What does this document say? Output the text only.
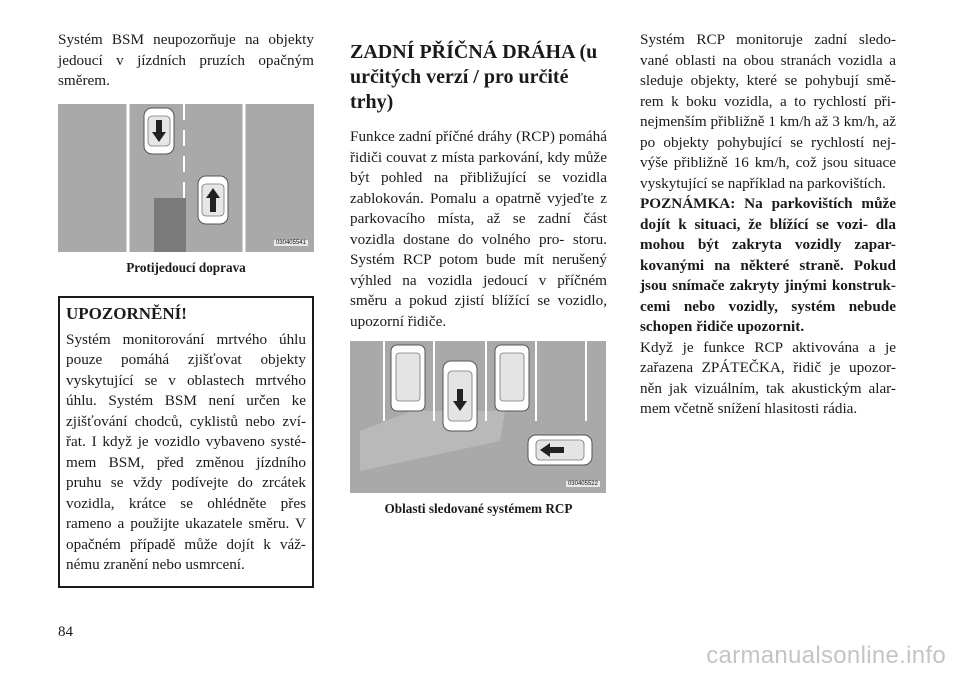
Systém BSM neupozorňuje na objekty jedoucí v jízdních pruzích opačným směrem.

030405541
Protijedoucí doprava
UPOZORNĚNÍ!

Systém monitorování mrtvého úhlu pouze pomáhá zjišťovat objekty vyskytující se v oblastech mrtvého úhlu. Systém BSM není určen ke zjišťování chodců, cyklistů nebo zví- řat. I když je vozidlo vybaveno systé- mem BSM, před změnou jízdního pruhu se vždy podívejte do zrcátek vozidla, krátce se ohlédněte přes rameno a použijte ukazatele směru. V opačném případě může dojít k váž- nému zranění nebo usmrcení.

ZADNÍ PŘÍČNÁ DRÁHA (u určitých verzí / pro určité trhy)

Funkce zadní příčné dráhy (RCP) pomáhá řidiči couvat z místa parkování, kdy může být pohled na přibližující se vozidla zablokován. Pomalu a opatrně vyjeďte z parkovacího místa, až se zadní část vozidla dostane do volného pro- storu. Systém RCP potom bude mít nerušený výhled na vozidla jedoucí v příčném směru a pokud zjistí blížící se vozidlo, upozorní řidiče.

030405522
Oblasti sledované systémem RCP

Systém RCP monitoruje zadní sledo- vané oblasti na obou stranách vozidla a sleduje objekty, které se pohybují smě- rem k boku vozidla, a to rychlostí při- nejmenším přibližně 1 km/h až 3 km/h, až po objekty pohybující se rychlostí nej- výše přibližně 16 km/h, což jsou situace vyskytující se například na parkovištích.

POZNÁMKA: Na parkovištích může dojít k situaci, že blížící se vozi- dla mohou být zakryta vozidly zapar- kovanými na některé straně. Pokud jsou snímače zakryty jinými konstruk- cemi nebo vozidly, systém nebude schopen řidiče upozornit.

Když je funkce RCP aktivována a je zařazena ZPÁTEČKA, řidič je upozor- něn jak vizuálním, tak akustickým alar- mem včetně snížení hlasitosti rádia.

84
carmanualsonline.info
